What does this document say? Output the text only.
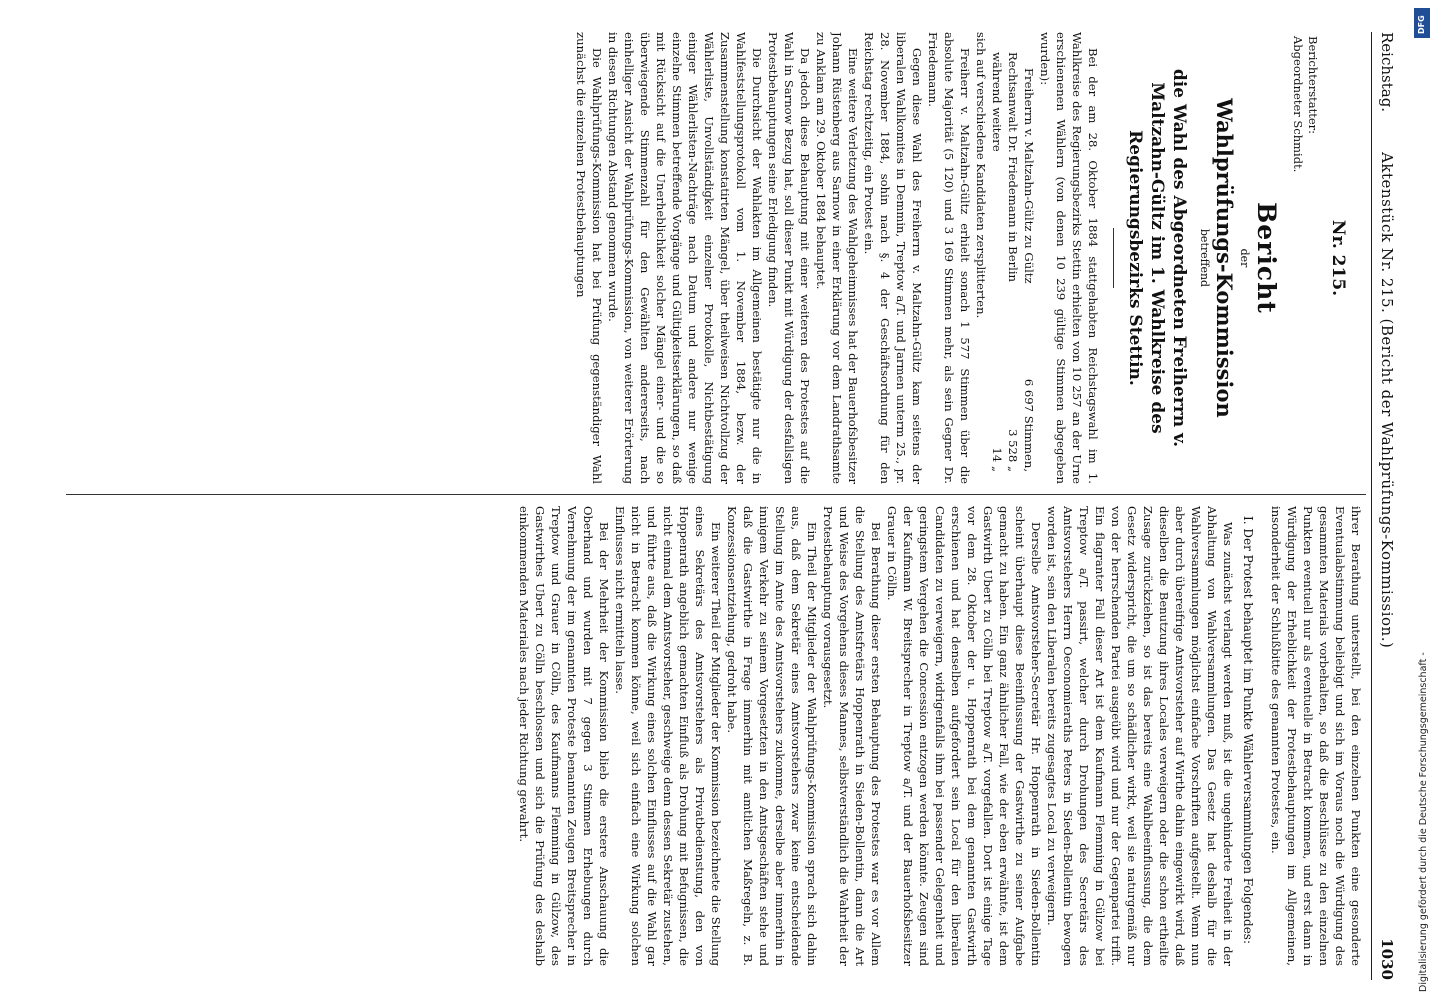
Reichstag.
Aktenstück Nr. 215. (Bericht der Wahlprüfungs-Kommission.)
1030
Nr. 215.
Berichterstatter:
Abgeordneter Schmidt.
Bericht
der
Wahlprüfungs-Kommission
betreffend
die Wahl des Abgeordneten Freiherrn v. Maltzahn-Gültz im 1. Wahlkreise des Regierungsbezirks Stettin.

Bei der am 28. Oktober 1884 stattgehabten Reichstagswahl im 1. Wahlkreise des Regierungsbezirks Stettin erhielten von 10 257 an der Urne erschienenen Wählern (von denen 10 239 gültige Stimmen abgegeben wurden):

Freiherrn v. Maltzahn-Gültz zu Gültz
6 697 Stimmen,
Rechtsanwalt Dr. Friedemann in Berlin
3 528 „
während weitere
14 „

sich auf verschiedene Kandidaten zersplitterten.

Freiherr v. Maltzahn-Gültz erhielt sonach 1 577 Stimmen über die absolute Majorität (5 120) und 3 169 Stimmen mehr, als sein Gegner Dr. Friedemann.

Gegen diese Wahl des Freiherrn v. Maltzahn-Gültz kam seitens der liberalen Wahlkomites in Demmin, Treptow a/T. und Jarmen unterm 25., pr. 28. November 1884, sohin nach §. 4 der Geschäftsordnung für den Reichstag rechtzeitig, ein Protest ein.

Eine weitere Verletzung des Wahlgeheimnisses hat der Bauerhofsbesitzer Johann Rüstenberg aus Sarnow in einer Erklärung vor dem Landrathsamte zu Anklam am 29. Oktober 1884 behauptet.

Da jedoch diese Behauptung mit einer weiteren des Protestes auf die Wahl in Sarnow Bezug hat, soll dieser Punkt mit Würdigung der desfallsigen Protestbehauptungen seine Erledigung finden.

Die Durchsicht der Wahlakten im Allgemeinen bestätigte nur die in Wahlfeststellungsprotokoll vom 1. November 1884, bezw. der Zusammenstellung konstatirten Mängel, über theilweisen Nichtvollzug der Wählerliste, Unvollständigkeit einzelner Protokolle, Nichtbestätigung einiger Wählerlisten-Nachträge nach Datum und andere nur wenige einzelne Stimmen betreffende Vorgänge und Gültigkeitserklärungen, so daß mit Rücksicht auf die Unerheblichkeit solcher Mängel einer- und die so überwiegende Stimmenzahl für den Gewählten andererseits, nach einhelliger Ansicht der Wahlprüfungs-Kommission, von weiterer Erörterung in diesen Richtungen Abstand genommen wurde.

Die Wahlprüfungs-Kommission hat bei Prüfung gegenständiger Wahl zunächst die einzelnen Protestbehauptungen

ihrer Berathung unterstellt, bei den einzelnen Punkten eine gesonderte Eventualabstimmung beliebigt und sich im Voraus noch die Würdigung des gesammten Materials vorbehalten, so daß die Beschlüsse zu den einzelnen Punkten eventuell nur als eventuelle in Betracht kommen, und erst dann in Würdigung der Erheblichkeit der Protestbehauptungen im Allgemeinen, insonderheit der Schlußbitte des genannten Protestes, ein.

I. Der Protest behauptet im Punkte Wählerversammlungen Folgendes:

Was zunächst verlangt werden muß, ist die ungehinderte Freiheit in der Abhaltung von Wahlversammlungen. Das Gesetz hat deshalb für die Wahlversammlungen möglichst einfache Vorschriften aufgestellt. Wenn nun aber durch übereifrige Amtsvorsteher auf Wirthe dahin eingewirkt wird, daß dieselben die Benutzung ihres Locales verweigern oder die schon ertheilte Zusage zurückziehen, so ist das bereits eine Wahlbeeinflussung, die dem Gesetz widerspricht, die um so schädlicher wirkt, weil sie naturgemäß nur von der herrschenden Partei ausgeübt wird und nur der Gegenpartei trifft. Ein flagranter Fall dieser Art ist dem Kaufmann Flemming in Gülzow bei Treptow a/T. passirt, welcher durch Drohungen des Secretärs des Amtsvorstehers Herrn Oeconomieraths Peters in Sieden-Bollentin bewogen worden ist, sein den Liberalen bereits zugesagtes Local zu verweigern.

Derselbe Amtsvorsteher-Secretär Hr. Hoppenrath in Sieden-Bollentin scheint überhaupt diese Beeinflussung der Gastwirthe zu seiner Aufgabe gemacht zu haben. Ein ganz ähnlicher Fall, wie der eben erwähnte, ist dem Gastwirth Ubert zu Cölln bei Treptow a/T. vorgefallen. Dort ist einige Tage vor dem 28. Oktober der u. Hoppenrath bei dem genannten Gastwirth erschienen und hat denselben aufgefordert sein Local für den liberalen Candidaten zu verweigern, widrigenfalls ihm bei passender Gelegenheit und geringstem Vergehen die Concession entzogen werden könnte. Zeugen sind der Kaufmann W. Breitsprecher in Treptow a/T. und der Bauerhofsbesitzer Grauer in Cölln.

Bei Berathung dieser ersten Behauptung des Protestes war es vor Allem die Stellung des Amtsfretärs Hoppenrath in Sieden-Bollentin, dann die Art und Weise des Vorgehens dieses Mannes, selbstverständlich die Wahrheit der Protestbehauptung vorausgesetzt.

Ein Theil der Mitglieder der Wahlprüfungs-Kommission sprach sich dahin aus, daß dem Sekretär eines Amtsvorstehers zwar keine entscheidende Stellung im Amte des Amtsvorstehers zukomme, derselbe aber immerhin in innigem Verkehr zu seinem Vorgesetzten in den Amtsgeschäften stehe und daß die Gastwirthe in Frage immerhin mit amtlichen Maßregeln, z. B. Konzessionsentziehung, gedroht habe.

Ein weiterer Theil der Mitglieder der Kommission bezeichnete die Stellung eines Sekretärs des Amtsvorstehers als Privatbedienstung, den von Hoppenrath angeblich gemachten Einfluß als Drohung mit Befugnissen, die nicht einmal dem Amtsvorsteher, geschweige denn dessen Sekretär zustehen, und führte aus, daß die Wirkung eines solchen Einflusses auf die Wahl gar nicht in Betracht kommen könne, weil sich einfach eine Wirkung solchen Einflusses nicht ermitteln lasse.

Bei der Mehrheit der Kommission blieb die erstere Anschauung die Oberhand und wurden mit 7 gegen 3 Stimmen Erhebungen durch Vernehmung der im genannten Proteste benannten Zeugen Breitsprecher in Treptow und Grauer in Cölln, des Kaufmanns Flemming in Gülzow, des Gastwirthes Ubert zu Cölln beschlossen und sich die Prüfung des deshalb einkommenden Materiales nach jeder Richtung gewahrt.	Digitalisierung gefördert durch die Deutsche Forschungsgemeinschaft -
DFG
